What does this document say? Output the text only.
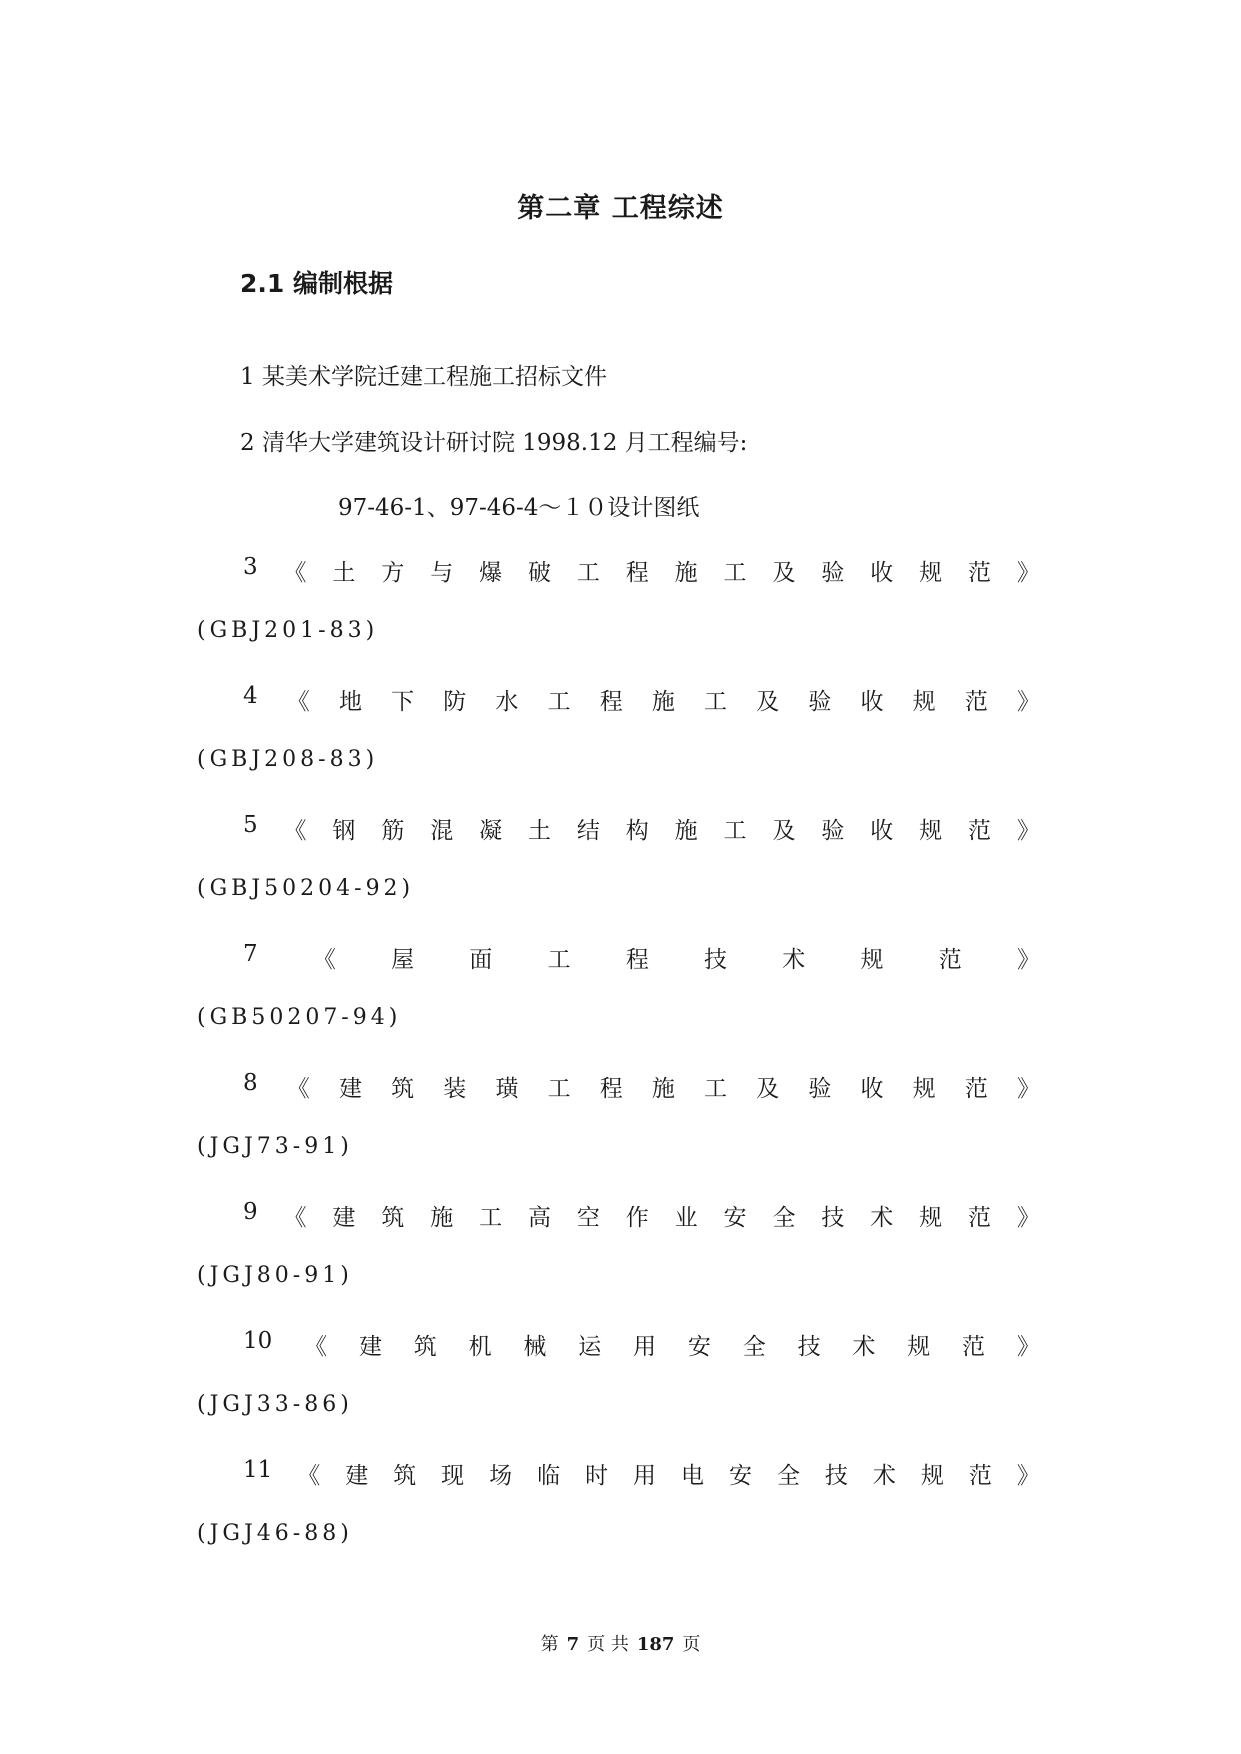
第二章 工程综述
2.1 编制根据
1 某美术学院迁建工程施工招标文件
2 清华大学建筑设计研讨院 1998.12 月工程编号:
97-46-1、97-46-4～１０设计图纸
3 《 土 方 与 爆 破 工 程 施 工 及 验 收 规 范 》
(GBJ201-83)
4 《 地 下 防 水 工 程 施 工 及 验 收 规 范 》
(GBJ208-83)
5 《 钢 筋 混 凝 土 结 构 施 工 及 验 收 规 范 》
(GBJ50204-92)
7 《 屋 面 工 程 技 术 规 范 》
(GB50207-94)
8 《 建 筑 装 璜 工 程 施 工 及 验 收 规 范 》
(JGJ73-91)
9 《 建 筑 施 工 高 空 作 业 安 全 技 术 规 范 》
(JGJ80-91)
10 《 建 筑 机 械 运 用 安 全 技 术 规 范 》
(JGJ33-86)
11 《 建 筑 现 场 临 时 用 电 安 全 技 术 规 范 》
(JGJ46-88)
第 7 页 共 187 页
